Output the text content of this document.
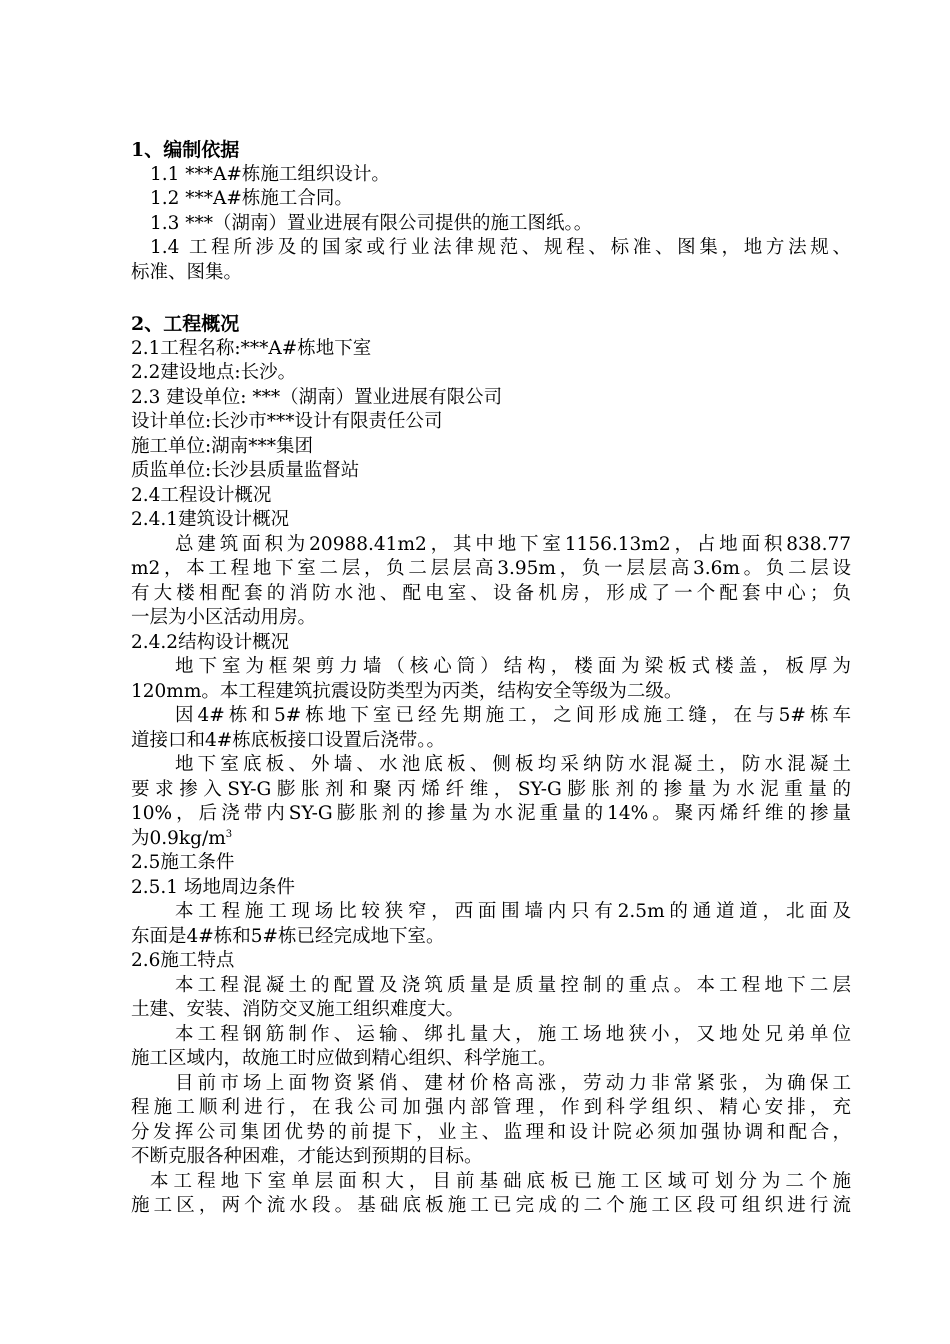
1、编制依据
1.1 ***A#栋施工组织设计。
1.2 ***A#栋施工合同。
1.3 ***（湖南）置业进展有限公司提供的施工图纸。。
1.4 工程所涉及的国家或行业法律规范、规程、标准、图集，地方法规、
标准、图集。
2、工程概况
2.1工程名称:***A#栋地下室
2.2建设地点:长沙。
2.3 建设单位: ***（湖南）置业进展有限公司
设计单位:长沙市***设计有限责任公司
施工单位:湖南***集团
质监单位:长沙县质量监督站
2.4工程设计概况
2.4.1建筑设计概况
总建筑面积为20988.41m2，其中地下室1156.13m2，占地面积838.77
m2，本工程地下室二层，负二层层高3.95m，负一层层高3.6m。负二层设
有大楼相配套的消防水池、配电室、设备机房，形成了一个配套中心；负
一层为小区活动用房。
2.4.2结构设计概况
地下室为框架剪力墙（核心筒）结构，楼面为梁板式楼盖，板厚为
120mm。本工程建筑抗震设防类型为丙类，结构安全等级为二级。
因4#栋和5#栋地下室已经先期施工，之间形成施工缝，在与5#栋车
道接口和4#栋底板接口设置后浇带。。
地下室底板、外墙、水池底板、侧板均采纳防水混凝土，防水混凝土
要求掺入SY-G膨胀剂和聚丙烯纤维，SY-G膨胀剂的掺量为水泥重量的
10%，后浇带内SY-G膨胀剂的掺量为水泥重量的14%。聚丙烯纤维的掺量
为$0.9kg/m^3$
2.5施工条件
2.5.1 场地周边条件
本工程施工现场比较狭窄，西面围墙内只有2.5m的通道道，北面及
东面是4#栋和5#栋已经完成地下室。
2.6施工特点
本工程混凝土的配置及浇筑质量是质量控制的重点。本工程地下二层
土建、安装、消防交叉施工组织难度大。
本工程钢筋制作、运输、绑扎量大，施工场地狭小，又地处兄弟单位
施工区域内，故施工时应做到精心组织、科学施工。
目前市场上面物资紧俏、建材价格高涨，劳动力非常紧张，为确保工
程施工顺利进行，在我公司加强内部管理，作到科学组织、精心安排，充
分发挥公司集团优势的前提下，业主、监理和设计院必须加强协调和配合，
不断克服各种困难，才能达到预期的目标。
本工程地下室单层面积大，目前基础底板已施工区域可划分为二个施
施工区，两个流水段。基础底板施工已完成的二个施工区段可组织进行流
